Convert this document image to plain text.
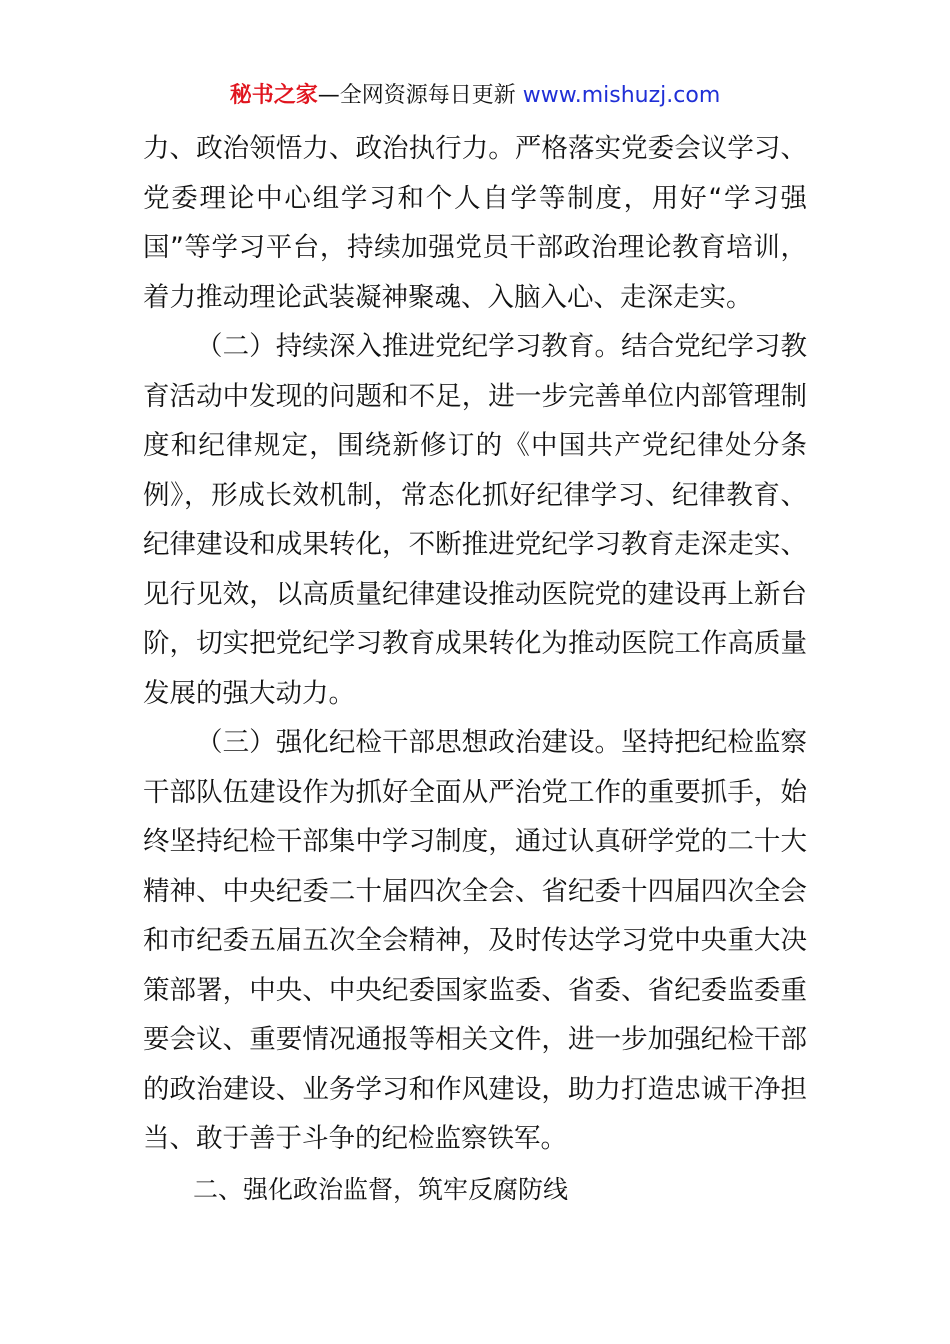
秘书之家—全网资源每日更新 www.mishuzj.com

力、政治领悟力、政治执行力。严格落实党委会议学习、党委理论中心组学习和个人自学等制度，用好“学习强国”等学习平台，持续加强党员干部政治理论教育培训，着力推动理论武装凝神聚魂、入脑入心、走深走实。

（二）持续深入推进党纪学习教育。结合党纪学习教育活动中发现的问题和不足，进一步完善单位内部管理制度和纪律规定，围绕新修订的《中国共产党纪律处分条例》，形成长效机制，常态化抓好纪律学习、纪律教育、纪律建设和成果转化，不断推进党纪学习教育走深走实、见行见效，以高质量纪律建设推动医院党的建设再上新台阶，切实把党纪学习教育成果转化为推动医院工作高质量发展的强大动力。

（三）强化纪检干部思想政治建设。坚持把纪检监察干部队伍建设作为抓好全面从严治党工作的重要抓手，始终坚持纪检干部集中学习制度，通过认真研学党的二十大精神、中央纪委二十届四次全会、省纪委十四届四次全会和市纪委五届五次全会精神，及时传达学习党中央重大决策部署，中央、中央纪委国家监委、省委、省纪委监委重要会议、重要情况通报等相关文件，进一步加强纪检干部的政治建设、业务学习和作风建设，助力打造忠诚干净担当、敢于善于斗争的纪检监察铁军。

二、强化政治监督，筑牢反腐防线
